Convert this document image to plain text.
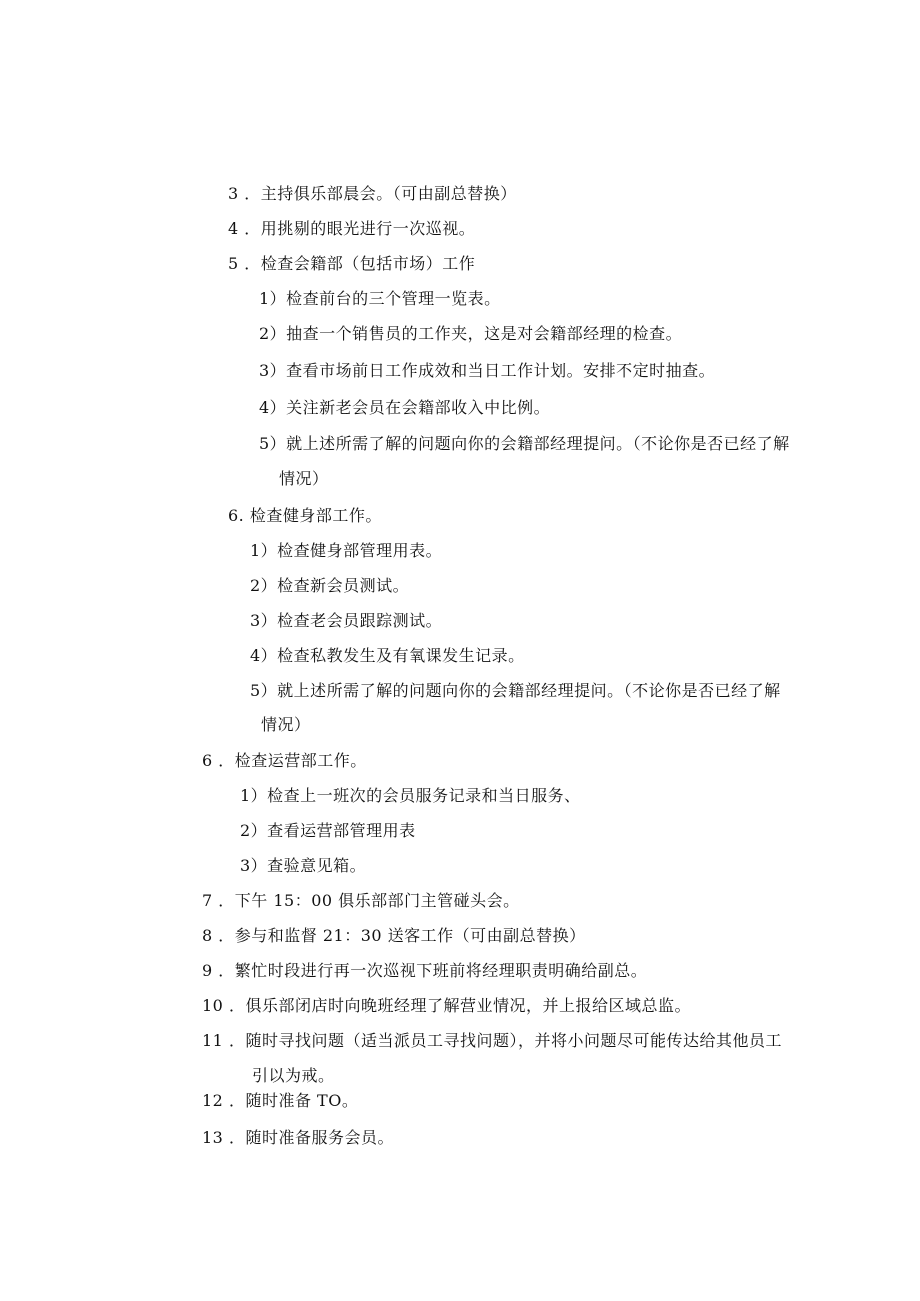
3 ．主持俱乐部晨会。（可由副总替换）
4 ．用挑剔的眼光进行一次巡视。
5 ．检查会籍部（包括市场）工作
1）检查前台的三个管理一览表。
2）抽查一个销售员的工作夹，这是对会籍部经理的检查。
3）查看市场前日工作成效和当日工作计划。安排不定时抽查。
4）关注新老会员在会籍部收入中比例。
5）就上述所需了解的问题向你的会籍部经理提问。（不论你是否已经了解
情况）
6. 检查健身部工作。
1）检查健身部管理用表。
2）检查新会员测试。
3）检查老会员跟踪测试。
4）检查私教发生及有氧课发生记录。
5）就上述所需了解的问题向你的会籍部经理提问。（不论你是否已经了解
情况）
6 ．检查运营部工作。
1）检查上一班次的会员服务记录和当日服务、
2）查看运营部管理用表
3）查验意见箱。
7 ．下午 15：00 俱乐部部门主管碰头会。
8 ．参与和监督 21：30 送客工作（可由副总替换）
9 ．繁忙时段进行再一次巡视下班前将经理职责明确给副总。
10 ．俱乐部闭店时向晚班经理了解营业情况，并上报给区域总监。
11 ．随时寻找问题（适当派员工寻找问题），并将小问题尽可能传达给其他员工
引以为戒。
12 ．随时准备 TO。
13 ．随时准备服务会员。
